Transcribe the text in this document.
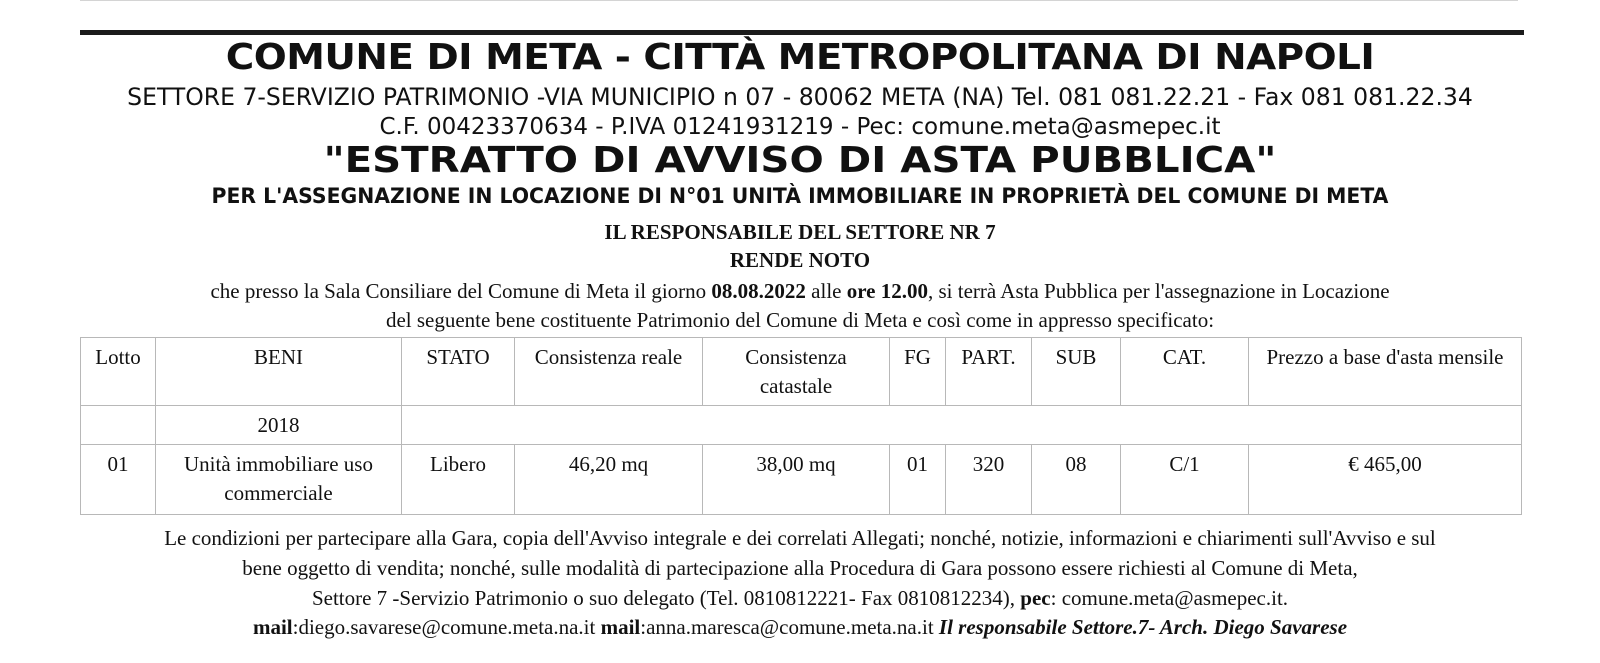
COMUNE DI META - CITTÀ METROPOLITANA DI NAPOLI
SETTORE 7-SERVIZIO PATRIMONIO -VIA MUNICIPIO n 07 - 80062 META (NA) Tel. 081 081.22.21 - Fax 081 081.22.34
C.F. 00423370634 - P.IVA 01241931219 - Pec: comune.meta@asmepec.it
"ESTRATTO DI AVVISO DI ASTA PUBBLICA"
PER L'ASSEGNAZIONE IN LOCAZIONE DI N°01 UNITÀ IMMOBILIARE IN PROPRIETÀ DEL COMUNE DI META
IL RESPONSABILE DEL SETTORE NR 7
RENDE NOTO
che presso la Sala Consiliare del Comune di Meta il giorno 08.08.2022 alle ore 12.00, si terrà Asta Pubblica per l'assegnazione in Locazione
del seguente bene costituente Patrimonio del Comune di Meta e così come in appresso specificato:
Lotto	BENI	STATO	Consistenza reale	Consistenza catastale	FG	PART.	SUB	CAT.	Prezzo a base d'asta mensile
	2018								
01	Unità immobiliare uso commerciale	Libero	46,20 mq	38,00 mq	01	320	08	C/1	€ 465,00
Le condizioni per partecipare alla Gara, copia dell'Avviso integrale e dei correlati Allegati; nonché, notizie, informazioni e chiarimenti sull'Avviso e sul
bene oggetto di vendita; nonché, sulle modalità di partecipazione alla Procedura di Gara possono essere richiesti al Comune di Meta,
Settore 7 -Servizio Patrimonio o suo delegato (Tel. 0810812221- Fax 0810812234), pec: comune.meta@asmepec.it.
mail:diego.savarese@comune.meta.na.it mail:anna.maresca@comune.meta.na.it Il responsabile Settore.7- Arch. Diego Savarese
